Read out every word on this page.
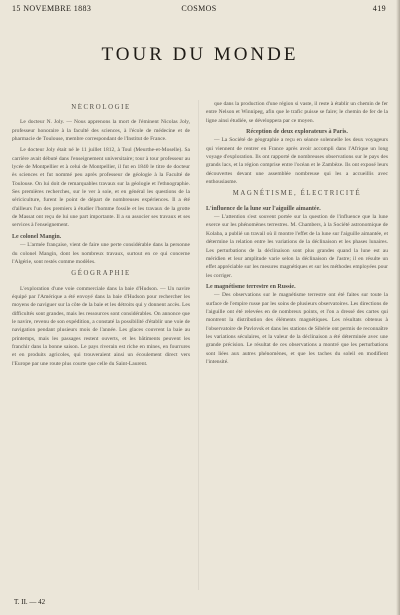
15 NOVEMBRE 1883	COSMOS	419
TOUR DU MONDE
NÉCROLOGIE

Le docteur N. Joly. — Nous apprenons la mort de l'éminent Nicolas Joly, professeur honoraire à la faculté des sciences, à l'école de médecine et de pharmacie de Toulouse, membre correspondant de l'Institut de France.

Le docteur Joly était né le 11 juillet 1812, à Toul (Meurthe-et-Moselle). Sa carrière avait débuté dans l'enseignement universitaire; tour à tour professeur au lycée de Montpellier et à celui de Montpellier, il fut en 1840 le titre de docteur ès sciences et fut nommé peu après professeur de géologie à la Faculté de Toulouse. On lui doit de remarquables travaux sur la géologie et l'ethnographie. Ses premières recherches, sur le ver à soie, et en général les questions de la sériciculture, furent le point de départ de nombreuses expériences. Il a été d'ailleurs l'un des premiers à étudier l'homme fossile et les travaux de la grotte de Massat ont reçu de lui une part importante. Il a su associer ses travaux et ses services à l'enseignement.

Le colonel Mangin.

— L'armée française, vient de faire une perte considérable dans la personne du colonel Mangin, dont les nombreux travaux, surtout en ce qui concerne l'Algérie, sont restés comme modèles.

GÉOGRAPHIE

L'exploration d'une voie commerciale dans la baie d'Hudson. — Un navire équipé par l'Amérique a été envoyé dans la baie d'Hudson pour rechercher les moyens de naviguer sur la côte de la baie et les détroits qui y donnent accès. Les difficultés sont grandes, mais les ressources sont considérables. On annonce que le navire, revenu de son expédition, a constaté la possibilité d'établir une voie de navigation pendant plusieurs mois de l'année. Les glaces couvrent la baie au printemps, mais les passages restent ouverts, et les bâtiments peuvent les franchir dans la bonne saison. Le pays riverain est riche en mines, en fourrures et en produits agricoles, qui trouveraient ainsi un écoulement direct vers l'Europe par une route plus courte que celle du Saint-Laurent.

que dans la production d'une région si vaste, il reste à établir un chemin de fer entre Nelson et Winnipeg, afin que le trafic puisse se faire; le chemin de fer de la ligne ainsi étudiée, se développera par ce moyen.

Réception de deux explorateurs à Paris.

— La Société de géographie a reçu en séance solennelle les deux voyageurs qui viennent de rentrer en France après avoir accompli dans l'Afrique un long voyage d'exploration. Ils ont rapporté de nombreuses observations sur le pays des grands lacs, et la région comprise entre l'océan et le Zambèze. Ils ont exposé leurs découvertes devant une assemblée nombreuse qui les a accueillis avec enthousiasme.

MAGNÉTISME, ÉLECTRICITÉ
L'influence de la lune sur l'aiguille aimantée.

— L'attention s'est souvent portée sur la question de l'influence que la lune exerce sur les phénomènes terrestres. M. Chambers, à la Société astronomique de Kolaba, a publié un travail où il montre l'effet de la lune sur l'aiguille aimantée, et détermine la relation entre les variations de la déclinaison et les phases lunaires. Les perturbations de la déclinaison sont plus grandes quand la lune est au méridien et leur amplitude varie selon la déclinaison de l'astre; il en résulte un effet appréciable sur les mesures magnétiques et sur les méthodes employées pour les corriger.

Le magnétisme terrestre en Russie.

— Des observations sur le magnétisme terrestre ont été faites sur toute la surface de l'empire russe par les soins de plusieurs observatoires. Les directions de l'aiguille ont été relevées en de nombreux points, et l'on a dressé des cartes qui montrent la distribution des éléments magnétiques. Les résultats obtenus à l'observatoire de Pavlovsk et dans les stations de Sibérie ont permis de reconnaître les variations séculaires, et la valeur de la déclinaison a été déterminée avec une grande précision. Le résultat de ces observations a montré que les perturbations sont liées aux autres phénomènes, et que les taches du soleil en modifient l'intensité.

T. II. — 42
